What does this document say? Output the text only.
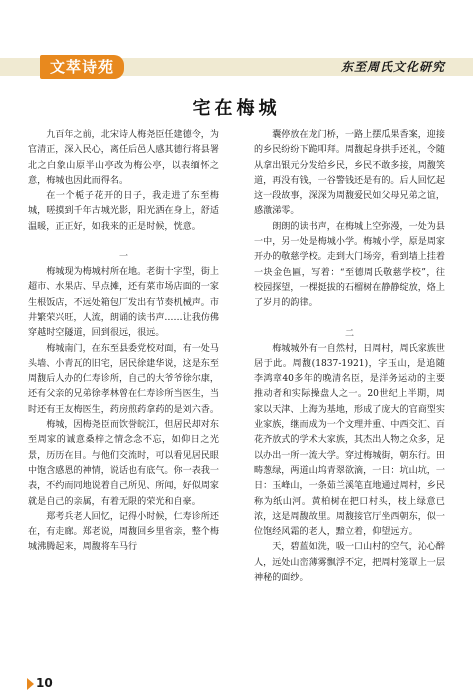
文萃诗苑	东至周氏文化研究
宅在梅城

九百年之前，北宋诗人梅尧臣任建德令，为官清正，深入民心，离任后邑人感其德行将县署北之白象山原半山亭改为梅公亭，以表缅怀之意，梅城也因此而得名。

在一个栀子花开的日子，我走进了东至梅城，嗟摸到千年古城光影，阳光洒在身上，舒适温暖，正正好，如我来的正是时候，恍意。

一

梅城现为梅城村所在地。老街十字型，街上超市、水果店、早点摊，还有菜市场店面的一家生根饭店，不远处箱包厂发出有节奏机械声。市井繁荣兴旺，人流，朗诵的读书声……让我仿佛穿越时空隧道，回到很远，很远。

梅城南门，在东至县委党校对面，有一处马头墙、小青瓦的旧宅，居民徐建华说，这是东至周馥后人办的仁寿诊所，自己的大爷爷徐尔康，还有父亲的兄弟徐孝林曾在仁寿诊所当医生，当时还有王友梅医生，药房煎药拿药的是刘六香。

梅城，因梅尧臣而饮誉皖江，但居民却对东至周家的诚意桑梓之情念念不忘，如仰日之光景，历历在目。与他们交流时，可以看见居民眼中饱含感恩的神情，说话也有底气。你一表我一表，不约而同地说着自己所见、所闻，好似周家就是自己的亲属，有着无限的荣光和自豪。

郑考兵老人回忆，记得小时候，仁寿诊所还在，有走廊。郑老说，周馥回乡里省亲，整个梅城沸腾起来，周馥将车马行

囊停放在龙门桥，一路上摆瓜果香案，迎接的乡民纷纷下跪叩拜。周馥起身拱手还礼，令随从拿出银元分发给乡民，乡民不敢多接，周馥笑道，再没有钱，一谷警钱还是有的。后人回忆起这一段故事，深深为周馥爱民如父母兄弟之谊，感激涕零。

朗朗的读书声，在梅城上空弥漫，一处为县一中，另一处是梅城小学。梅城小学，原是周家开办的敬慈学校。走到大门场旁，看到墙上挂着一块金色匾，写着：“至德周氏敬慈学校”，往校园探望，一棵挺拔的石榴树在静静绽放，烙上了岁月的韵律。

二

梅城城外有一自然村，日周村，周氏家族世居于此。周馥(1837-1921)，字玉山，是追随李鸿章40多年的晚清名臣，是洋务运动的主要推动者和实际操盘人之一。20世纪上半期，周家以天津、上海为基地，形成了庞大的官商型实业家族，继而成为一个文理并重、中西交汇、百花齐放式的学术大家族，其杰出人物之众多，足以办出一所一流大学。穿过梅城街，朝东行。田畴葱绿，两道山坞青翠欲滴，一日：坑山坑，一日：玉峰山，一条茹兰溪笔直地通过周村，乡民称为纸山河。黄柏树在把口村头，枝上绿意已浓，这是周馥故里。周馥接官厅坐西朝东，似一位饱经风霜的老人，黯立着，仰望远方。

天，碧蓝如洗，吸一口山村的空气，沁心醉人，远处山峦薄雾飘浮不定，把周村笼罩上一层神秘的面纱。

10
